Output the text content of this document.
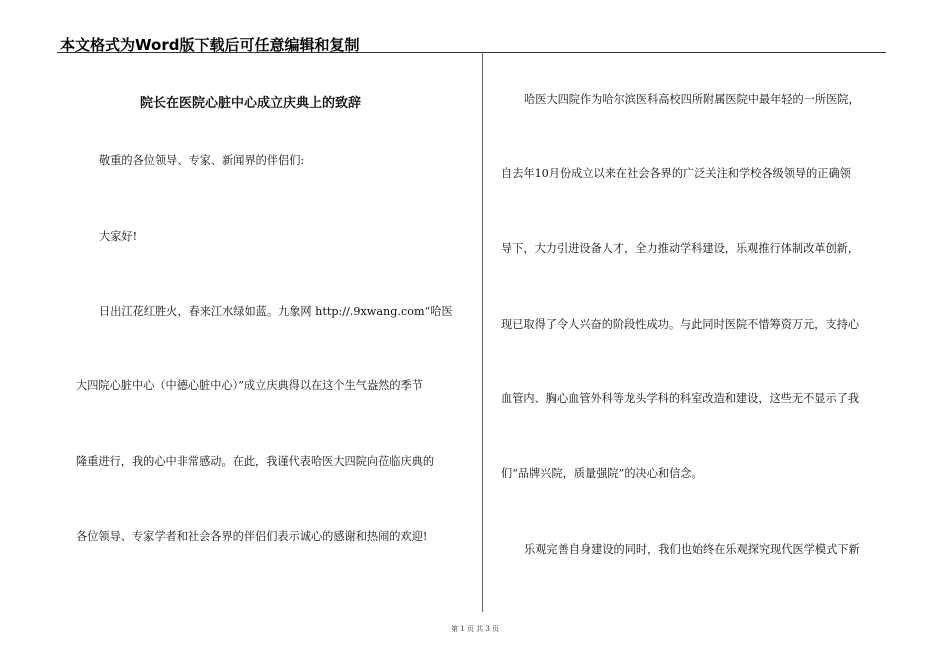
本文格式为Word版下载后可任意编辑和复制
院长在医院心脏中心成立庆典上的致辞
敬重的各位领导、专家、新闻界的伴侣们:
大家好!
日出江花红胜火，春来江水绿如蓝。九象网 http://.9xwang.com“哈医
大四院心脏中心（中德心脏中心）”成立庆典得以在这个生气盎然的季节
隆重进行，我的心中非常感动。在此，我谨代表哈医大四院向莅临庆典的
各位领导、专家学者和社会各界的伴侣们表示诚心的感谢和热闹的欢迎!
哈医大四院作为哈尔滨医科高校四所附属医院中最年轻的一所医院，
自去年10月份成立以来在社会各界的广泛关注和学校各级领导的正确领
导下，大力引进设备人才，全力推动学科建设，乐观推行体制改革创新，
现已取得了令人兴奋的阶段性成功。与此同时医院不惜筹资万元，支持心
血管内、胸心血管外科等龙头学科的科室改造和建设，这些无不显示了我
们“品牌兴院，质量强院”的决心和信念。
乐观完善自身建设的同时，我们也始终在乐观探究现代医学模式下新
第 1 页 共 3 页
